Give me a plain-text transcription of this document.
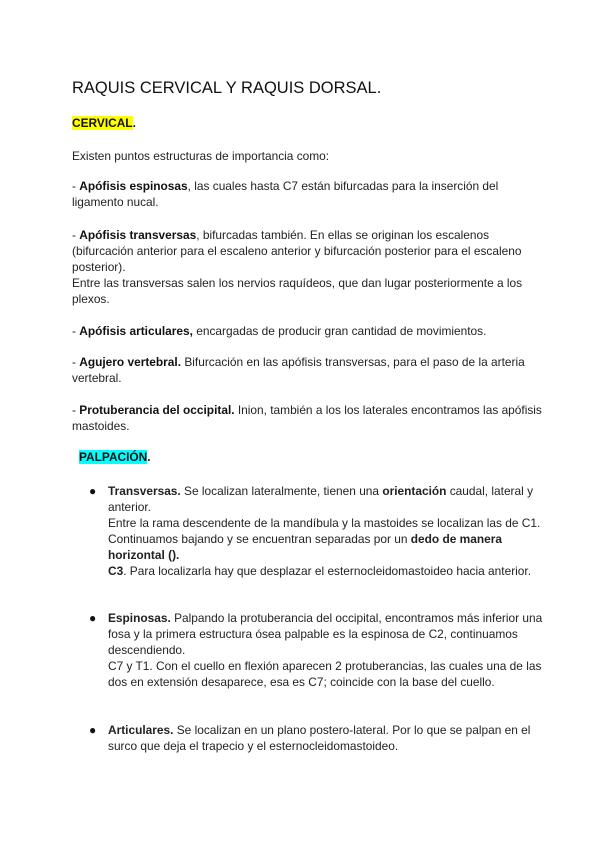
RAQUIS CERVICAL Y RAQUIS DORSAL.
CERVICAL.
Existen puntos estructuras de importancia como:
- Apófisis espinosas, las cuales hasta C7 están bifurcadas para la inserción del ligamento nucal.
- Apófisis transversas, bifurcadas también. En ellas se originan los escalenos (bifurcación anterior para el escaleno anterior y bifurcación posterior para el escaleno posterior).
Entre las transversas salen los nervios raquídeos, que dan lugar posteriormente a los plexos.
- Apófisis articulares, encargadas de producir gran cantidad de movimientos.
- Agujero vertebral. Bifurcación en las apófisis transversas, para el paso de la arteria vertebral.
- Protuberancia del occipital. Inion, también a los los laterales encontramos las apófisis mastoides.
PALPACIÓN.
● Transversas. Se localizan lateralmente, tienen una orientación caudal, lateral y anterior.
Entre la rama descendente de la mandíbula y la mastoides se localizan las de C1. Continuamos bajando y se encuentran separadas por un dedo de manera horizontal ().
C3. Para localizarla hay que desplazar el esternocleidomastoideo hacia anterior.
● Espinosas. Palpando la protuberancia del occipital, encontramos más inferior una fosa y la primera estructura ósea palpable es la espinosa de C2, continuamos descendiendo.
C7 y T1. Con el cuello en flexión aparecen 2 protuberancias, las cuales una de las dos en extensión desaparece, esa es C7; coincide con la base del cuello.
● Articulares. Se localizan en un plano postero-lateral. Por lo que se palpan en el surco que deja el trapecio y el esternocleidomastoideo.
